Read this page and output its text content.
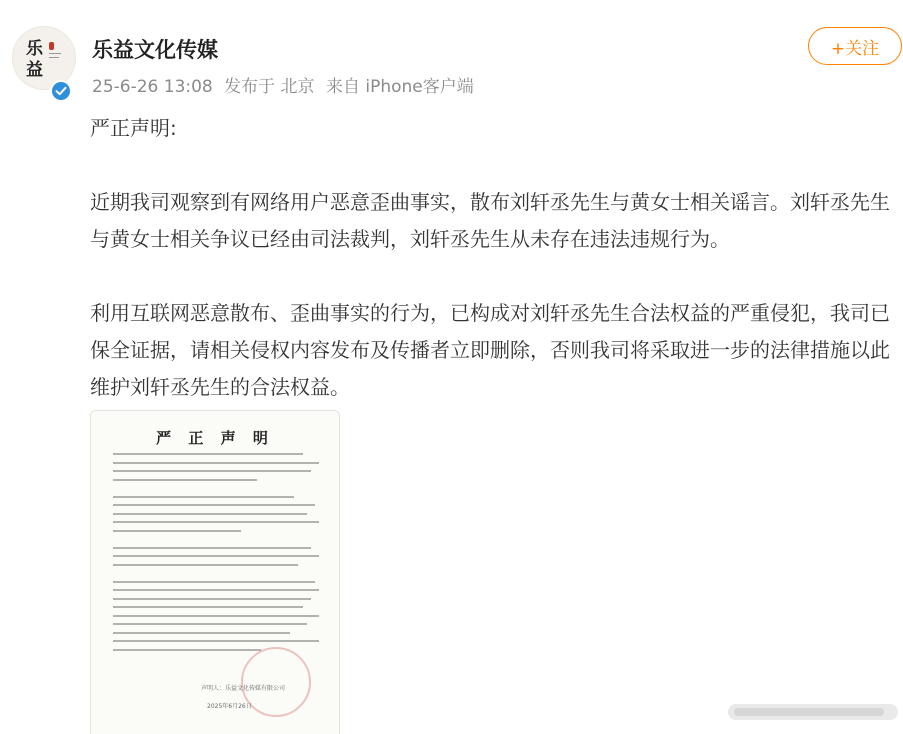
乐
益
乐益文化传媒
25-6-26 13:08 发布于 北京 来自 iPhone客户端
+关注

严正声明:

近期我司观察到有网络用户恶意歪曲事实，散布刘轩丞先生与黄女士相关谣言。刘轩丞先生与黄女士相关争议已经由司法裁判，刘轩丞先生从未存在违法违规行为。

利用互联网恶意散布、歪曲事实的行为，已构成对刘轩丞先生合法权益的严重侵犯，我司已保全证据，请相关侵权内容发布及传播者立即删除，否则我司将采取进一步的法律措施以此维护刘轩丞先生的合法权益。

严 正 声 明
声明人：乐益文化传媒有限公司
2025年6月26日
